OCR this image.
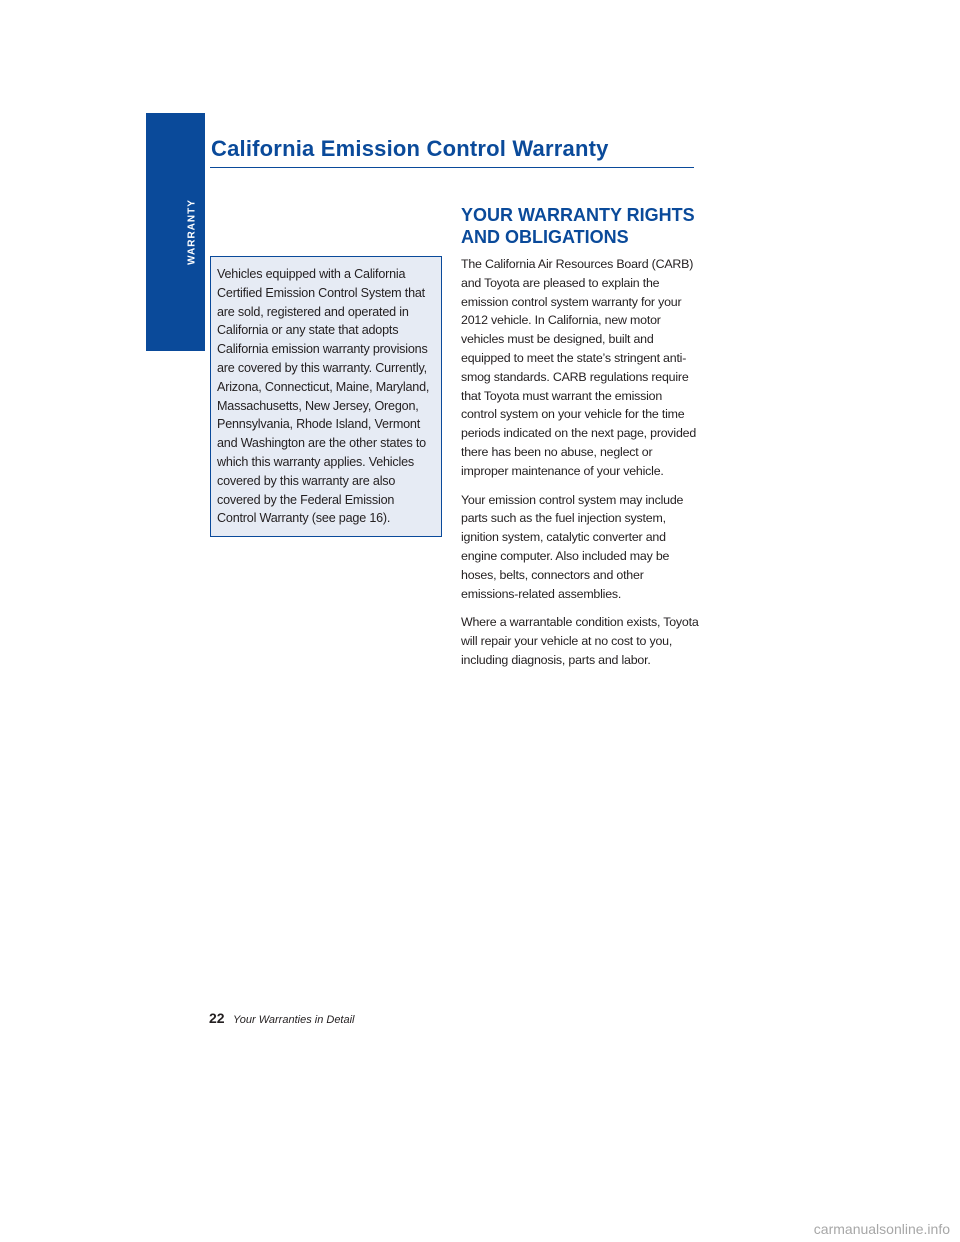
WARRANTY
California Emission Control Warranty

Vehicles equipped with a California Certified Emission Control System that are sold, registered and operated in California or any state that adopts California emission warranty provisions are covered by this warranty. Currently, Arizona, Connecticut, Maine, Maryland, Massachusetts, New Jersey, Oregon, Pennsylvania, Rhode Island, Vermont and Washington are the other states to which this warranty applies. Vehicles covered by this warranty are also covered by the Federal Emission Control Warranty (see page 16).

YOUR WARRANTY RIGHTS AND OBLIGATIONS

The California Air Resources Board (CARB) and Toyota are pleased to explain the emission control system warranty for your 2012 vehicle. In California, new motor vehicles must be designed, built and equipped to meet the state’s stringent anti-smog standards. CARB regulations require that Toyota must warrant the emission control system on your vehicle for the time periods indicated on the next page, provided there has been no abuse, neglect or improper maintenance of your vehicle.

Your emission control system may include parts such as the fuel injection system, ignition system, catalytic converter and engine computer. Also included may be hoses, belts, connectors and other emissions-related assemblies.

Where a warrantable condition exists, Toyota will repair your vehicle at no cost to you, including diagnosis, parts and labor.

22 Your Warranties in Detail
carmanualsonline.info
